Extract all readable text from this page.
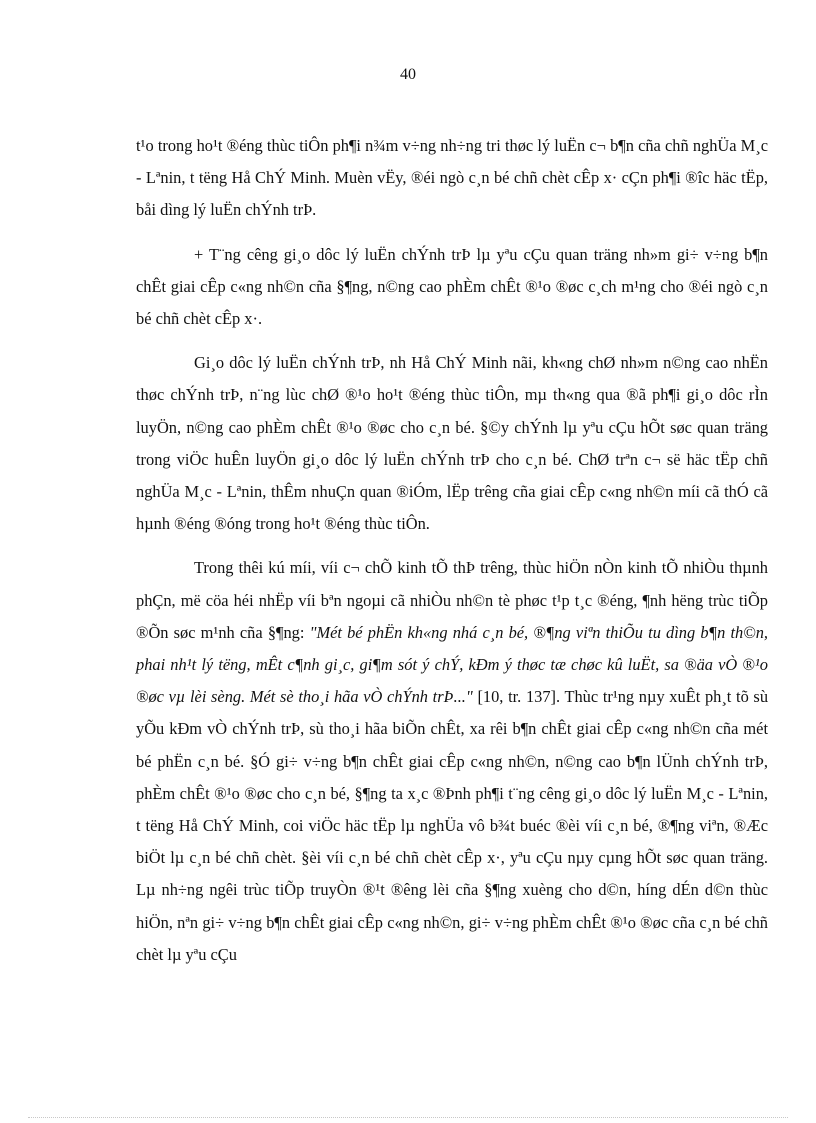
40

t¹o trong ho¹t ®éng thùc tiÔn ph¶i n¾m v÷ng nh÷ng tri thøc lý luËn c¬ b¶n cña chñ nghÜa M¸c - Lªnin, t tëng Hå ChÝ Minh. Muèn vËy, ®éi ngò c¸n bé chñ chèt cÊp x· cÇn ph¶i ®îc häc tËp, båi dìng lý luËn chÝnh trÞ.

+ T¨ng cêng gi¸o dôc lý luËn chÝnh trÞ lµ yªu cÇu quan träng nh»m gi÷ v÷ng b¶n chÊt giai cÊp c«ng nh©n cña §¶ng, n©ng cao phÈm chÊt ®¹o ®øc c¸ch m¹ng cho ®éi ngò c¸n bé chñ chèt cÊp x·.

Gi¸o dôc lý luËn chÝnh trÞ, nh Hå ChÝ Minh nãi, kh«ng chØ nh»m n©ng cao nhËn thøc chÝnh trÞ, n¨ng lùc chØ ®¹o ho¹t ®éng thùc tiÔn, mµ th«ng qua ®ã ph¶i gi¸o dôc rÌn luyÖn, n©ng cao phÈm chÊt ®¹o ®øc cho c¸n bé. §©y chÝnh lµ yªu cÇu hÕt søc quan träng trong viÖc huÊn luyÖn gi¸o dôc lý luËn chÝnh trÞ cho c¸n bé. ChØ trªn c¬ së häc tËp chñ nghÜa M¸c - Lªnin, thÊm nhuÇn quan ®iÓm, lËp trêng cña giai cÊp c«ng nh©n míi cã thÓ cã hµnh ®éng ®óng trong ho¹t ®éng thùc tiÔn.

Trong thêi kú míi, víi c¬ chÕ kinh tÕ thÞ trêng, thùc hiÖn nÒn kinh tÕ nhiÒu thµnh phÇn, më cöa héi nhËp víi bªn ngoµi cã nhiÒu nh©n tè phøc t¹p t¸c ®éng, ¶nh hëng trùc tiÕp ®Õn søc m¹nh cña §¶ng: "Mét bé phËn kh«ng nhá c¸n bé, ®¶ng viªn thiÕu tu dìng b¶n th©n, phai nh¹t lý tëng, mÊt c¶nh gi¸c, gi¶m sót ý chÝ, kÐm ý thøc tæ chøc kû luËt, sa ®äa vÒ ®¹o ®øc vµ lèi sèng. Mét sè tho¸i hãa vÒ chÝnh trÞ..." [10, tr. 137]. Thùc tr¹ng nµy xuÊt ph¸t tõ sù yÕu kÐm vÒ chÝnh trÞ, sù tho¸i hãa biÕn chÊt, xa rêi b¶n chÊt giai cÊp c«ng nh©n cña mét bé phËn c¸n bé. §Ó gi÷ v÷ng b¶n chÊt giai cÊp c«ng nh©n, n©ng cao b¶n lÜnh chÝnh trÞ, phÈm chÊt ®¹o ®øc cho c¸n bé, §¶ng ta x¸c ®Þnh ph¶i t¨ng cêng gi¸o dôc lý luËn M¸c - Lªnin, t tëng Hå ChÝ Minh, coi viÖc häc tËp lµ nghÜa vô b¾t buéc ®èi víi c¸n bé, ®¶ng viªn, ®Æc biÖt lµ c¸n bé chñ chèt. §èi víi c¸n bé chñ chèt cÊp x·, yªu cÇu nµy cµng hÕt søc quan träng. Lµ nh÷ng ngêi trùc tiÕp truyÒn ®¹t ®êng lèi cña §¶ng xuèng cho d©n, híng dÉn d©n thùc hiÖn, nªn gi÷ v÷ng b¶n chÊt giai cÊp c«ng nh©n, gi÷ v÷ng phÈm chÊt ®¹o ®øc cña c¸n bé chñ chèt lµ yªu cÇu
